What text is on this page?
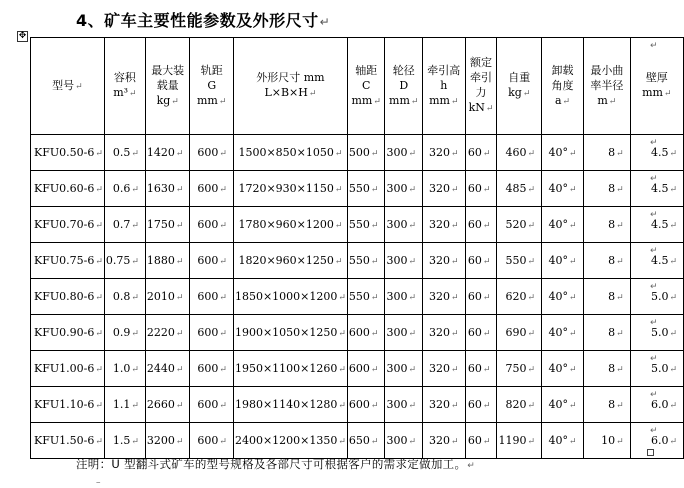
4、矿车主要性能参数及外形尺寸↵
✥
型号↵	容积
m³↵	最大装
载量
kg↵	轨距
G mm↵	外形尺寸 mm
L×B×H↵	轴距
C mm↵	轮径
D mm↵	牵引高
h mm↵	额定
牵引
力 kN↵	自重
kg↵	卸载
角度 a↵	最小曲
率半径
m↵	壁厚
mm↵
KFU0.50-6↵	0.5↵	1420↵	600↵	1500×850×1050↵	500↵	300↵	320↵	60↵	460↵	40°↵	8↵	4.5↵
KFU0.60-6↵	0.6↵	1630↵	600↵	1720×930×1150↵	550↵	300↵	320↵	60↵	485↵	40°↵	8↵	4.5↵
KFU0.70-6↵	0.7↵	1750↵	600↵	1780×960×1200↵	550↵	300↵	320↵	60↵	520↵	40°↵	8↵	4.5↵
KFU0.75-6↵	0.75↵	1880↵	600↵	1820×960×1250↵	550↵	300↵	320↵	60↵	550↵	40°↵	8↵	4.5↵
KFU0.80-6↵	0.8↵	2010↵	600↵	1850×1000×1200↵	550↵	300↵	320↵	60↵	620↵	40°↵	8↵	5.0↵
KFU0.90-6↵	0.9↵	2220↵	600↵	1900×1050×1250↵	600↵	300↵	320↵	60↵	690↵	40°↵	8↵	5.0↵
KFU1.00-6↵	1.0↵	2440↵	600↵	1950×1100×1260↵	600↵	300↵	320↵	60↵	750↵	40°↵	8↵	5.0↵
KFU1.10-6↵	1.1↵	2660↵	600↵	1980×1140×1280↵	600↵	300↵	320↵	60↵	820↵	40°↵	8↵	6.0↵
KFU1.50-6↵	1.5↵	3200↵	600↵	2400×1200×1350↵	650↵	300↵	320↵	60↵	1190↵	40°↵	10↵	6.0↵
↵
↵
↵
↵
↵
↵
↵
↵
↵
↵
注明：U 型翻斗式矿车的型号规格及各部尺寸可根据客户的需求定做加工。↵
–
